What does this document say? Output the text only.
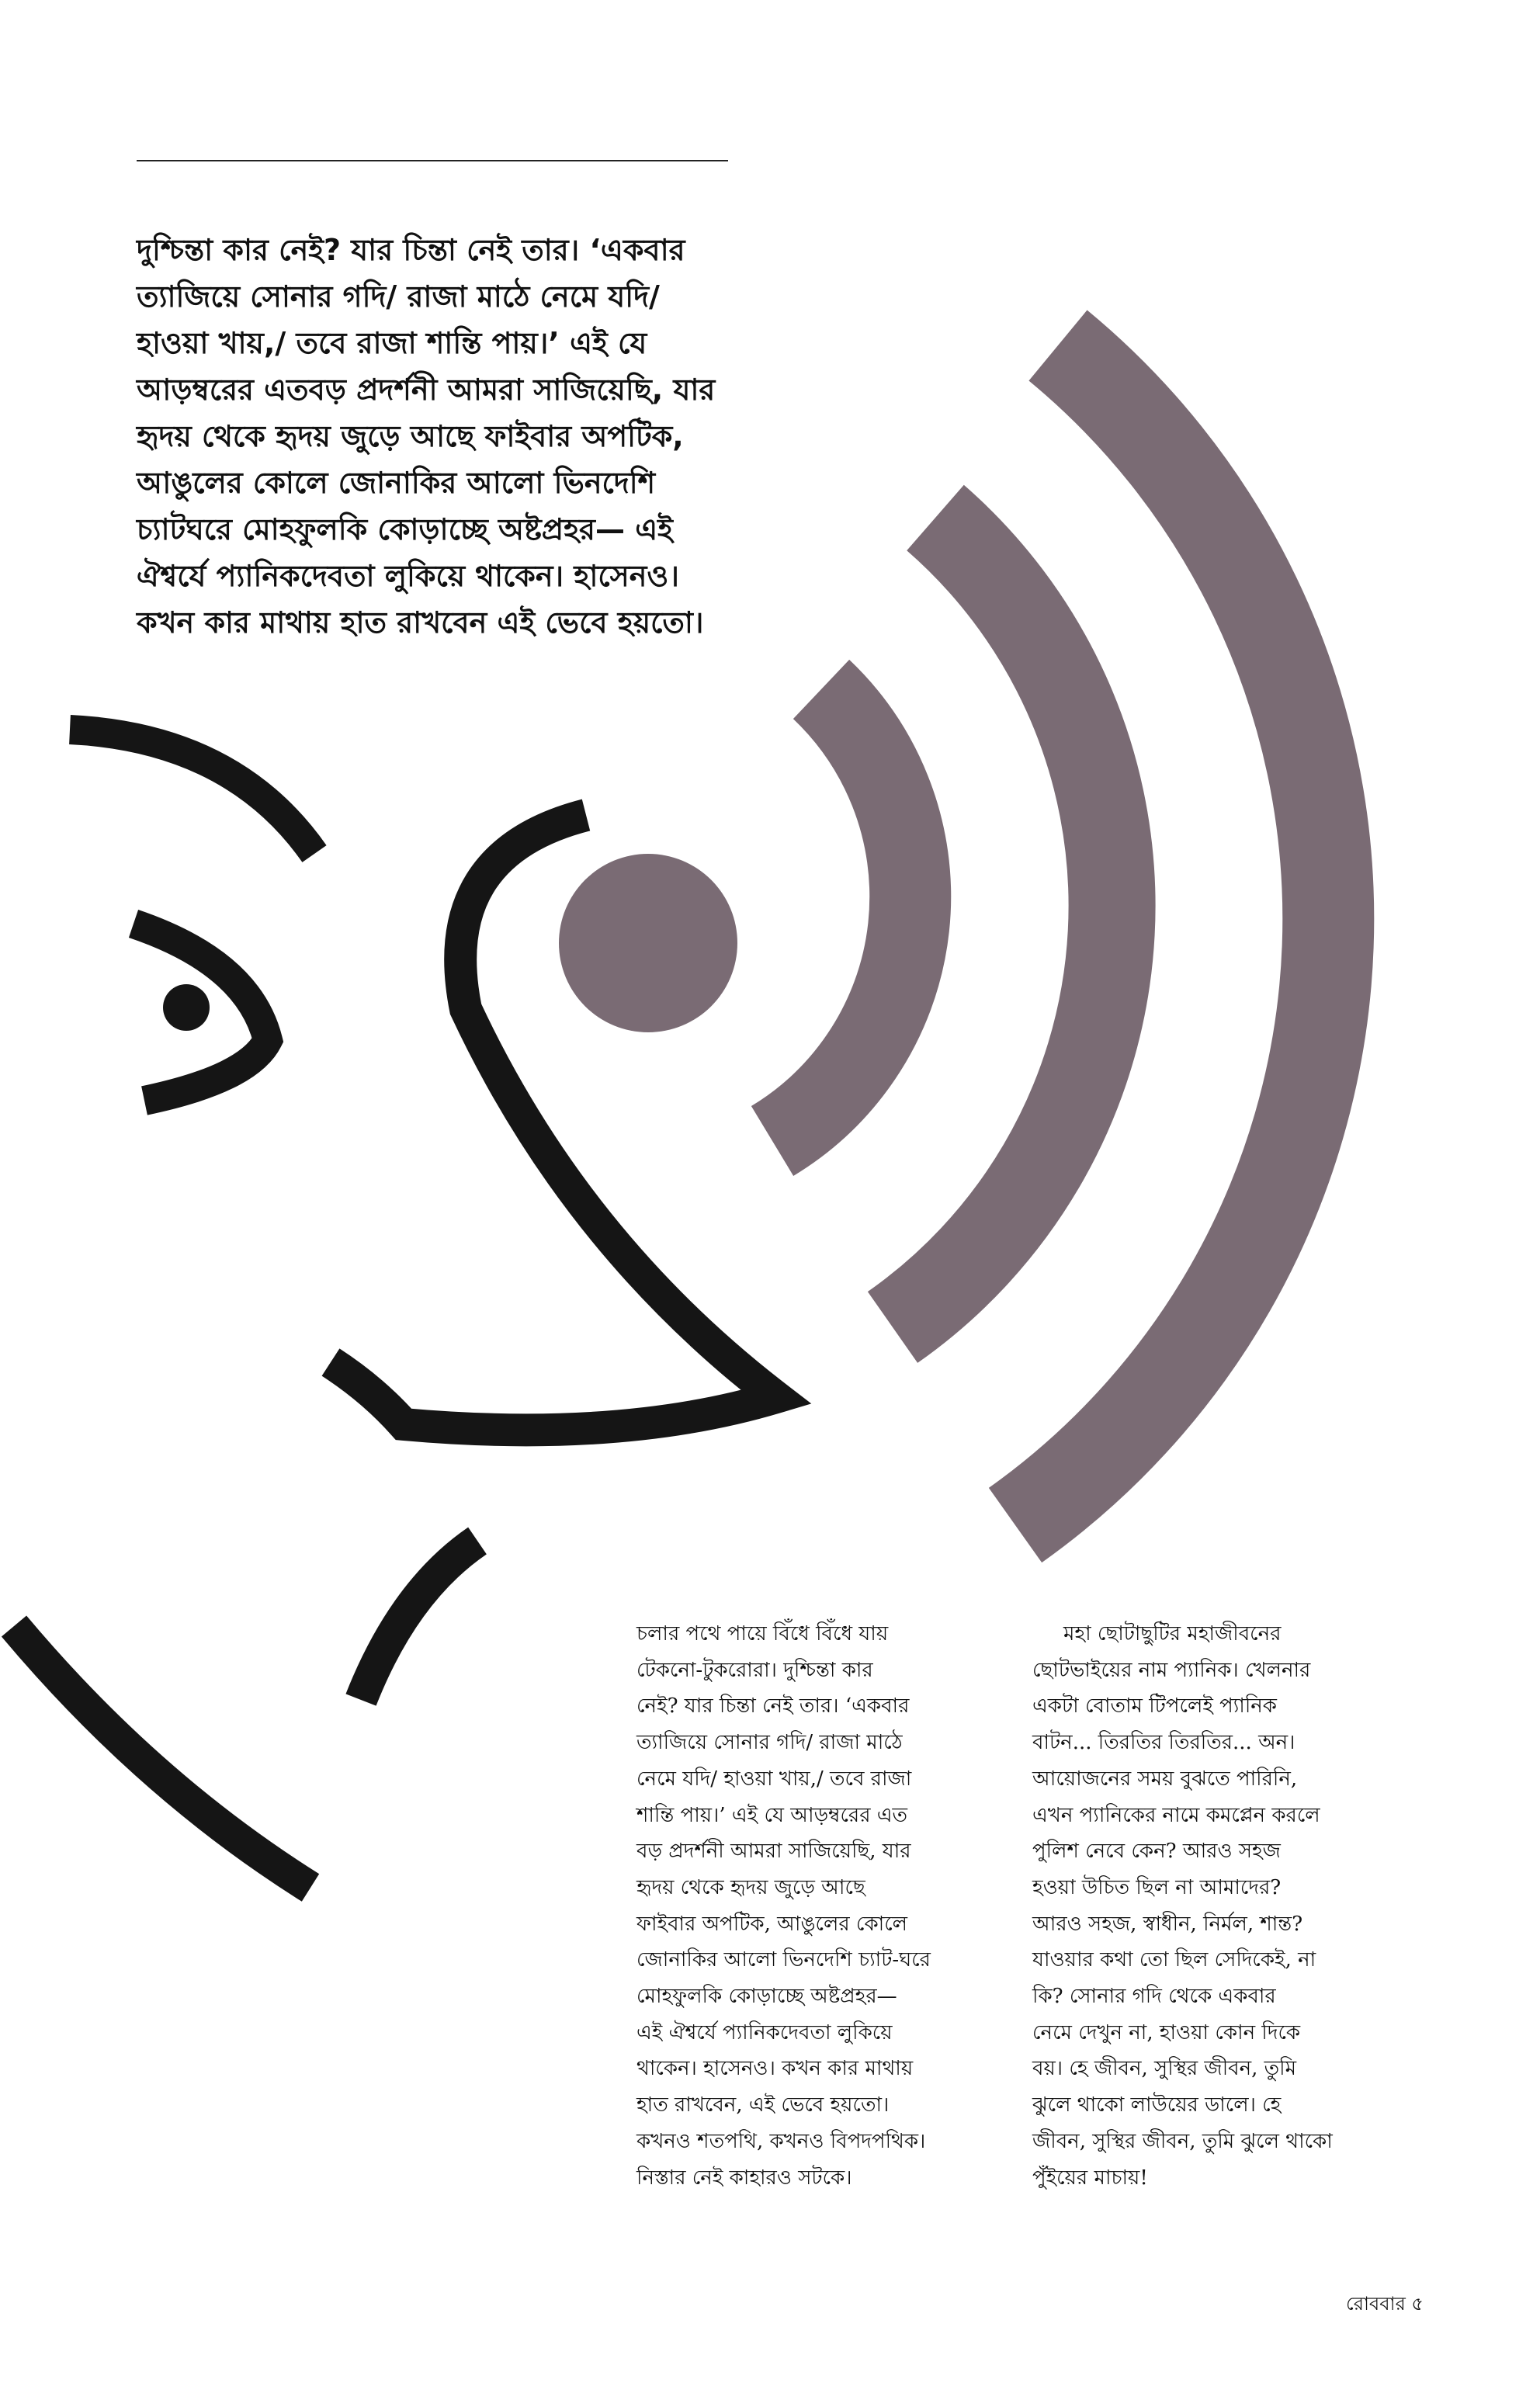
দুশ্চিন্তা কার নেই? যার চিন্তা নেই তার। ‘একবার
ত্যাজিয়ে সোনার গদি/ রাজা মাঠে নেমে যদি/
হাওয়া খায়,/ তবে রাজা শান্তি পায়।’ এই যে
আড়ম্বরের এতবড় প্রদর্শনী আমরা সাজিয়েছি, যার
হৃদয় থেকে হৃদয় জুড়ে আছে ফাইবার অপটিক,
আঙুলের কোলে জোনাকির আলো ভিনদেশি
চ্যাটঘরে মোহফুলকি কোড়াচ্ছে অষ্টপ্রহর— এই
ঐশ্বর্যে প্যানিকদেবতা লুকিয়ে থাকেন। হাসেনও।
কখন কার মাথায় হাত রাখবেন এই ভেবে হয়তো।

চলার পথে পায়ে বিঁধে বিঁধে যায়
টেকনো-টুকরোরা। দুশ্চিন্তা কার
নেই? যার চিন্তা নেই তার। ‘একবার
ত্যাজিয়ে সোনার গদি/ রাজা মাঠে
নেমে যদি/ হাওয়া খায়,/ তবে রাজা
শান্তি পায়।’ এই যে আড়ম্বরের এত
বড় প্রদর্শনী আমরা সাজিয়েছি, যার
হৃদয় থেকে হৃদয় জুড়ে আছে
ফাইবার অপটিক, আঙুলের কোলে
জোনাকির আলো ভিনদেশি চ্যাট-ঘরে
মোহফুলকি কোড়াচ্ছে অষ্টপ্রহর—
এই ঐশ্বর্যে প্যানিকদেবতা লুকিয়ে
থাকেন। হাসেনও। কখন কার মাথায়
হাত রাখবেন, এই ভেবে হয়তো।
কখনও শতপথি, কখনও বিপদপথিক।
নিস্তার নেই কাহারও সটকে।

মহা ছোটাছুটির মহাজীবনের
ছোটভাইয়ের নাম প্যানিক। খেলনার
একটা বোতাম টিপলেই প্যানিক
বাটন... তিরতির তিরতির... অন।
আয়োজনের সময় বুঝতে পারিনি,
এখন প্যানিকের নামে কমপ্লেন করলে
পুলিশ নেবে কেন? আরও সহজ
হওয়া উচিত ছিল না আমাদের?
আরও সহজ, স্বাধীন, নির্মল, শান্ত?
যাওয়ার কথা তো ছিল সেদিকেই, না
কি? সোনার গদি থেকে একবার
নেমে দেখুন না, হাওয়া কোন দিকে
বয়। হে জীবন, সুস্থির জীবন, তুমি
ঝুলে থাকো লাউয়ের ডালে। হে
জীবন, সুস্থির জীবন, তুমি ঝুলে থাকো
পুঁইয়ের মাচায়!

রোববার ৫
